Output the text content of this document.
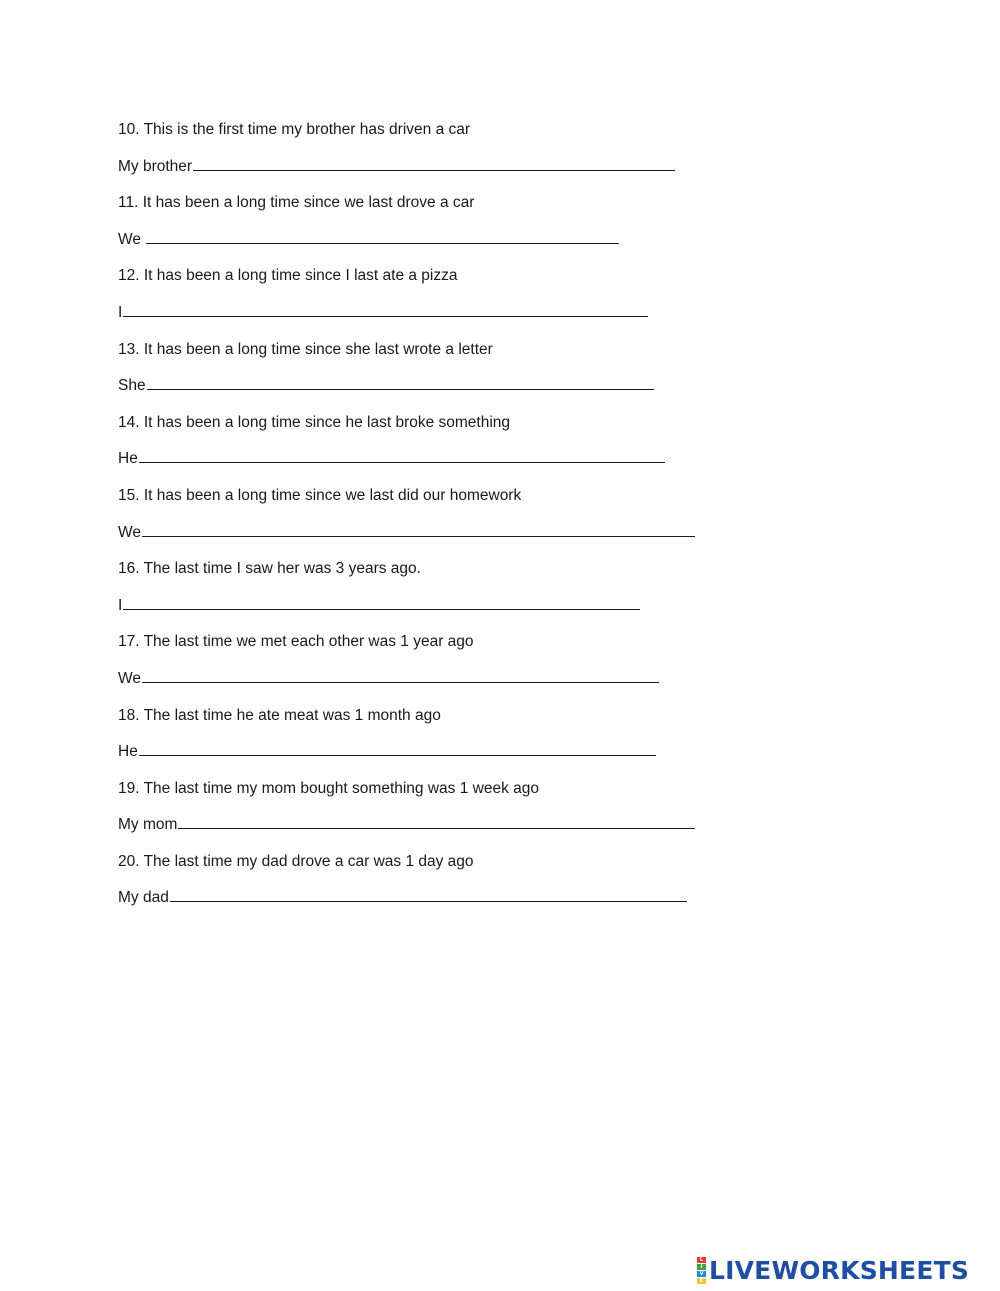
10. This is the first time my brother has driven a car
My brother
11. It has been a long time since we last drove a car
We
12. It has been a long time since I last ate a pizza
I
13. It has been a long time since she last wrote a letter
She
14. It has been a long time since he last broke something
He
15. It has been a long time since we last did our homework
We
16. The last time I saw her was 3 years ago.
I
17. The last time we met each other was 1 year ago
We
18. The last time he ate meat was 1 month ago
He
19. The last time my mom bought something was 1 week ago
My mom
20. The last time my dad drove a car was 1 day ago
My dad
L
I
V
E LIVEWORKSHEETS
